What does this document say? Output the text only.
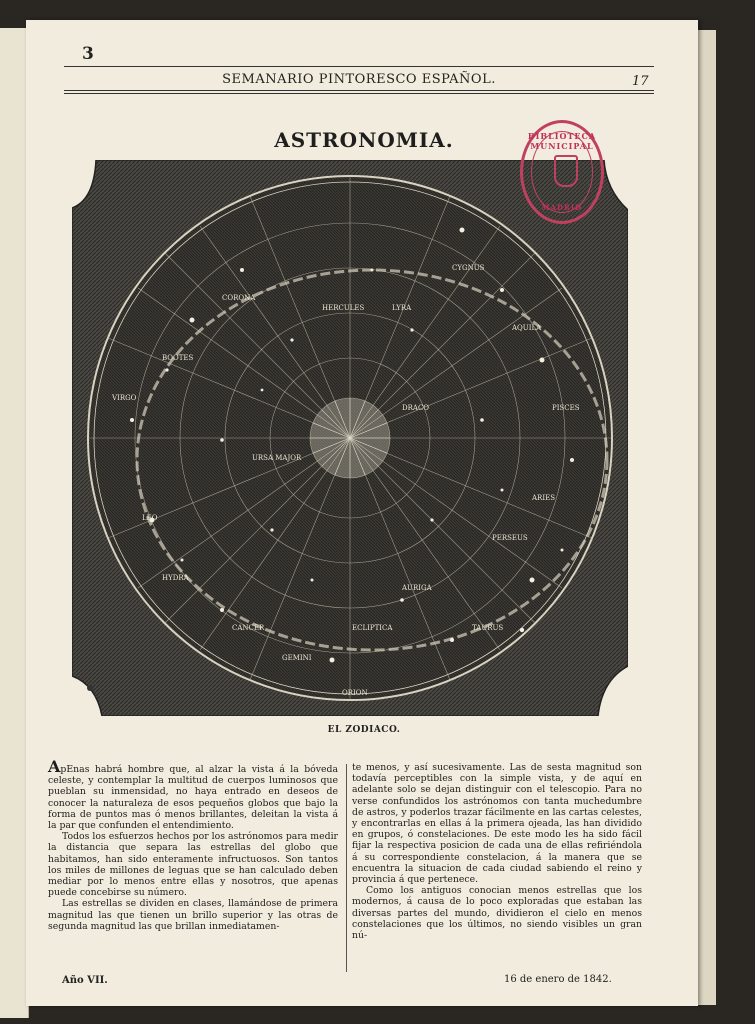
3
SEMANARIO PINTORESCO ESPAÑOL.	17
ASTRONOMIA.
CORONA
HERCULES	LYRA
DRACO
BOOTES
VIRGO
LEO
CANCER
GEMINI
TAURUS
ORION
ECLIPTICA
AURIGA
PERSEUS
ARIES
PISCES
AQUILA
CYGNUS
URSA MAJOR
HYDRA
BIBLIOTECA MUNICIPAL
MADRID
EL ZODIACO.

ApEnas habrá hombre que, al alzar la vista á la bóveda celeste, y contemplar la multitud de cuerpos luminosos que pueblan su inmensidad, no haya entrado en deseos de conocer la naturaleza de esos pequeños globos que bajo la forma de puntos mas ó menos brillantes, deleitan la vista á la par que confunden el entendimiento.

Todos los esfuerzos hechos por los astrónomos para medir la distancia que separa las estrellas del globo que habitamos, han sido enteramente infructuosos. Son tantos los miles de millones de leguas que se han calculado deben mediar por lo menos entre ellas y nosotros, que apenas puede concebirse su número.

Las estrellas se dividen en clases, llamándose de primera magnitud las que tienen un brillo superior y las otras de segunda magnitud las que brillan inmediatamen-

te menos, y así sucesivamente. Las de sesta magnitud son todavía perceptibles con la simple vista, y de aquí en adelante solo se dejan distinguir con el telescopio. Para no verse confundidos los astrónomos con tanta muchedumbre de astros, y poderlos trazar fácilmente en las cartas celestes, y encontrarlas en ellas á la primera ojeada, las han dividido en grupos, ó constelaciones. De este modo les ha sido fácil fijar la respectiva posicion de cada una de ellas refiriéndola á su correspondiente constelacion, á la manera que se encuentra la situacion de cada ciudad sabiendo el reino y provincia á que pertenece.

Como los antiguos conocian menos estrellas que los modernos, á causa de lo poco exploradas que estaban las diversas partes del mundo, dividieron el cielo en menos constelaciones que los últimos, no siendo visibles un gran nú-

Año VII.	16 de enero de 1842.
